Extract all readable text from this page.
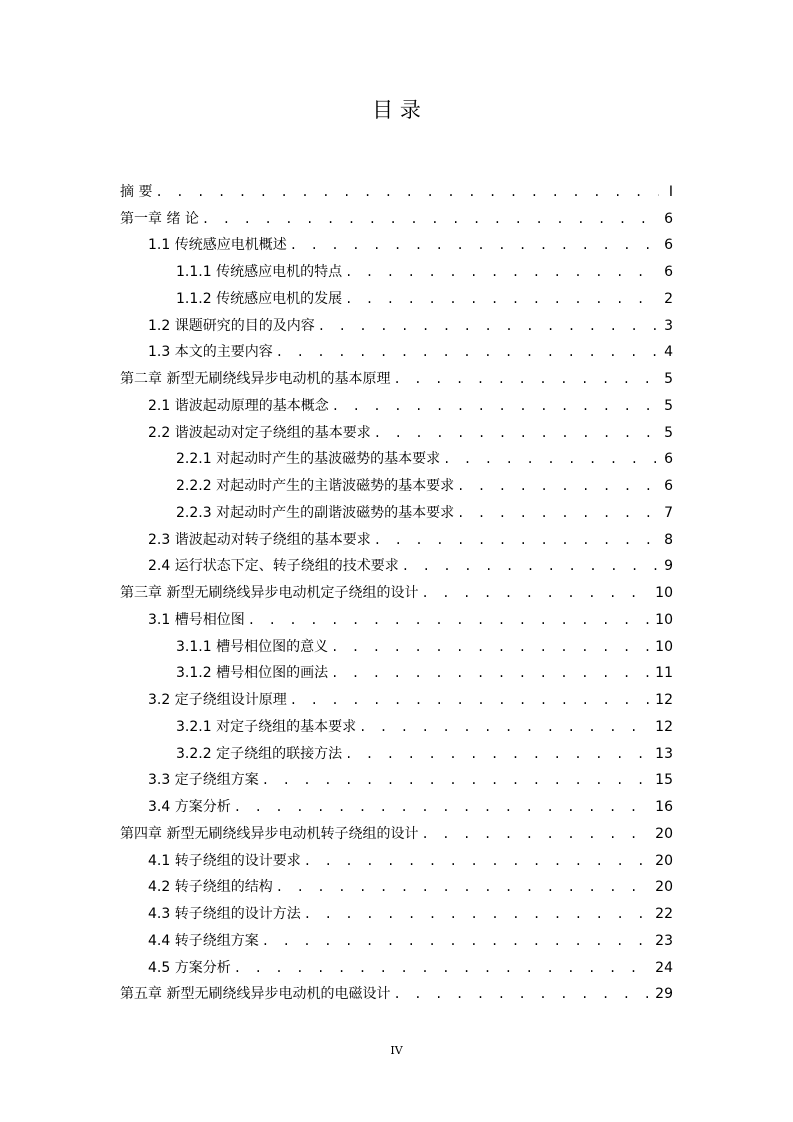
目 录
摘 要 . . .	I
第一章 绪 论 . . .	6
1.1 传统感应电机概述 . . .	6
1.1.1 传统感应电机的特点 . . .	6
1.1.2 传统感应电机的发展 . . .	2
1.2 课题研究的目的及内容 . . .	3
1.3 本文的主要内容 . . .	4
第二章 新型无刷绕线异步电动机的基本原理 . . .	5
2.1 谐波起动原理的基本概念 . . .	5
2.2 谐波起动对定子绕组的基本要求 . . .	5
2.2.1 对起动时产生的基波磁势的基本要求 . . .	6
2.2.2 对起动时产生的主谐波磁势的基本要求 . . .	6
2.2.3 对起动时产生的副谐波磁势的基本要求 . . .	7
2.3 谐波起动对转子绕组的基本要求 . . .	8
2.4 运行状态下定、转子绕组的技术要求 . . .	9
第三章 新型无刷绕线异步电动机定子绕组的设计 . . .	10
3.1 槽号相位图 . . .	10
3.1.1 槽号相位图的意义 . . .	10
3.1.2 槽号相位图的画法 . . .	11
3.2 定子绕组设计原理 . . .	12
3.2.1 对定子绕组的基本要求 . . .	12
3.2.2 定子绕组的联接方法 . . .	13
3.3 定子绕组方案 . . .	15
3.4 方案分析 . . .	16
第四章 新型无刷绕线异步电动机转子绕组的设计 . . .	20
4.1 转子绕组的设计要求 . . .	20
4.2 转子绕组的结构 . . .	20
4.3 转子绕组的设计方法 . . .	22
4.4 转子绕组方案 . . .	23
4.5 方案分析 . . .	24
第五章 新型无刷绕线异步电动机的电磁设计 . . .	29
IV
